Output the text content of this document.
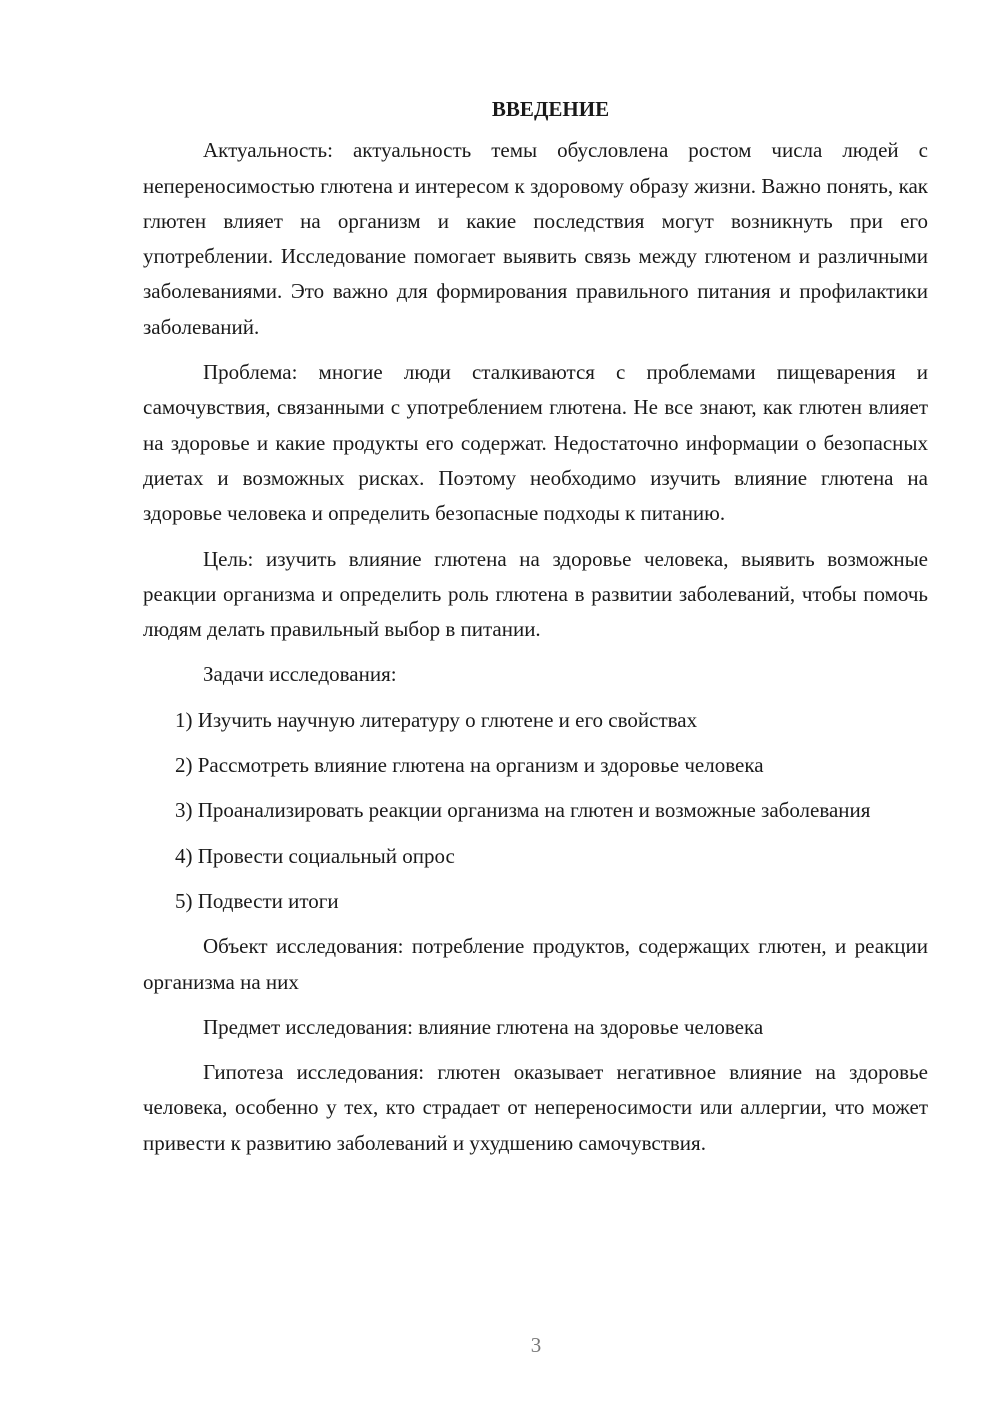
ВВЕДЕНИЕ

Актуальность: актуальность темы обусловлена ростом числа людей с непереносимостью глютена и интересом к здоровому образу жизни. Важно понять, как глютен влияет на организм и какие последствия могут возникнуть при его употреблении. Исследование помогает выявить связь между глютеном и различными заболеваниями. Это важно для формирования правильного питания и профилактики заболеваний.

Проблема: многие люди сталкиваются с проблемами пищеварения и самочувствия, связанными с употреблением глютена. Не все знают, как глютен влияет на здоровье и какие продукты его содержат. Недостаточно информации о безопасных диетах и возможных рисках. Поэтому необходимо изучить влияние глютена на здоровье человека и определить безопасные подходы к питанию.

Цель: изучить влияние глютена на здоровье человека, выявить возможные реакции организма и определить роль глютена в развитии заболеваний, чтобы помочь людям делать правильный выбор в питании.

Задачи исследования:

1) Изучить научную литературу о глютене и его свойствах

2) Рассмотреть влияние глютена на организм и здоровье человека

3) Проанализировать реакции организма на глютен и возможные заболевания

4) Провести социальный опрос

5) Подвести итоги

Объект исследования: потребление продуктов, содержащих глютен, и реакции организма на них

Предмет исследования: влияние глютена на здоровье человека

Гипотеза исследования: глютен оказывает негативное влияние на здоровье человека, особенно у тех, кто страдает от непереносимости или аллергии, что может привести к развитию заболеваний и ухудшению самочувствия.

3
